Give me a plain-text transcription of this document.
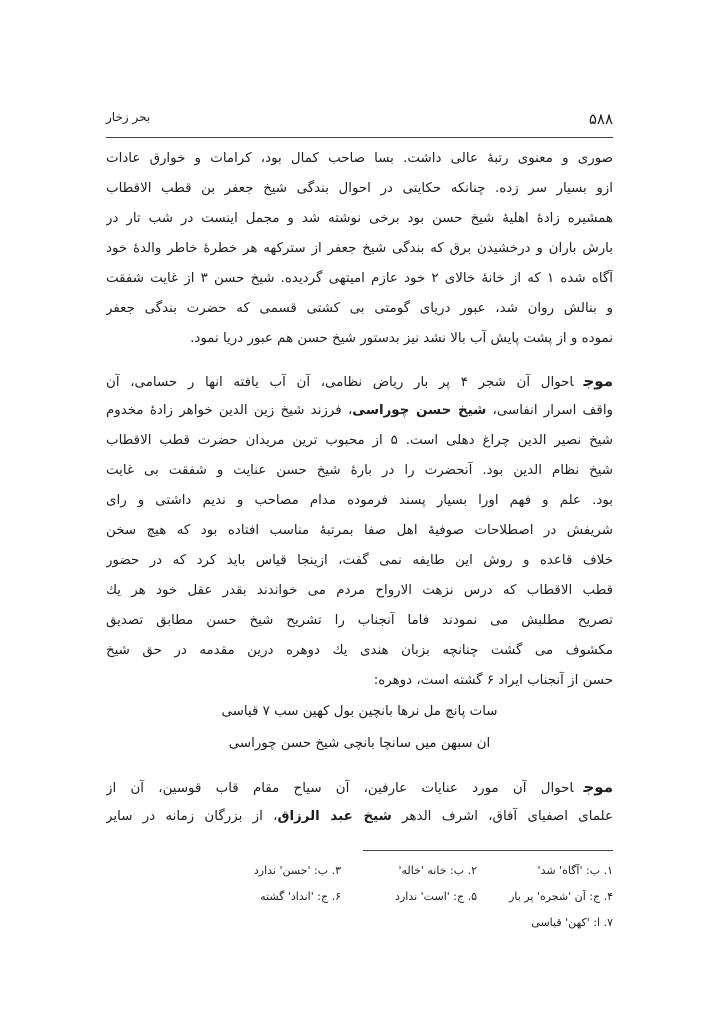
بحر زخار	۵۸۸
صوری و معنوی رتبهٔ عالی داشت. بسا صاحب کمال بود، کرامات و خوارق عادات
ازو بسیار سر زده. چنانکه حکایتی در احوال بندگی شیخ جعفر بن قطب الاقطاب
همشیره زادهٔ اهلیهٔ شیخ حسن بود برخی نوشته شد و مجمل اینست در شب تار در
بارش باران و درخشیدن برق که بندگی شیخ جعفر از سترکهه هر خطرهٔ خاطر والدهٔ خود
آگاه شده ۱ که از خانهٔ خالای ۲ خود عازم امیتهی گردیده. شیخ حسن ۳ از غایت شفقت
و بنالش روان شد، عبور دریای گومتی بی کشتی قسمی که حضرت بندگی جعفر
نموده و از پشت پایش آب بالا نشد نیز بدستور شیخ حسن هم عبور دریا نمود.
موجاحوال آن شجر ۴ پر بار ریاض نظامی، آن آب یافته انها ر حسامی، آن
واقف اسرار انفاسی، شیخ حسن چوراسی، فرزند شیخ زین الدین خواهر زادهٔ مخدوم
شیخ نصیر الدین چراغ دهلی است. ۵ از محبوب ترین مریدان حضرت قطب الاقطاب
شیخ نظام الدین بود. آنحضرت را در بارهٔ شیخ حسن عنایت و شفقت بی غایت
بود. علم و فهم اورا بسیار پسند فرموده مدام مصاحب و ندیم داشتی و رای
شریفش در اصطلاحات صوفیهٔ اهل صفا بمرتبهٔ مناسب افتاده بود که هیچ سخن
خلاف قاعده و روش این طایفه نمی گفت، ازینجا قیاس باید کرد که در حضور
قطب الاقطاب که درس نزهت الارواح مردم می خواندند بقدر عقل خود هر یك
تصریح مطلبش می نمودند فاما آنجناب را تشریح شیخ حسن مطابق تصدیق
مکشوف می گشت چنانچه بزبان هندی یك دوهره درین مقدمه در حق شیخ
حسن از آنجناب ایراد ۶ گشته است، دوهره:
سات پانچ مل نرها بانچین بول کهین سب ۷ قیاسی
ان سبهن میں سانچا بانچی شیخ حسن چوراسی
موجاحوال آن مورد عنایات عارفین، آن سیاح مقام قاب قوسین، آن از
علمای اصفیای آفاق، اشرف الدهر شیخ عبد الرزاق، از بزرگان زمانه در سایر
۱. ب: 'آگاه' شد'
۲. ب: خانه 'خاله'
۳. ب: 'حسن' ندارد
۴. ج: آن 'شجره' پر بار
۵. ج: 'است' ندارد
۶. ج: 'انداد' گشته
۷. ا: 'کهن' قیاسی
